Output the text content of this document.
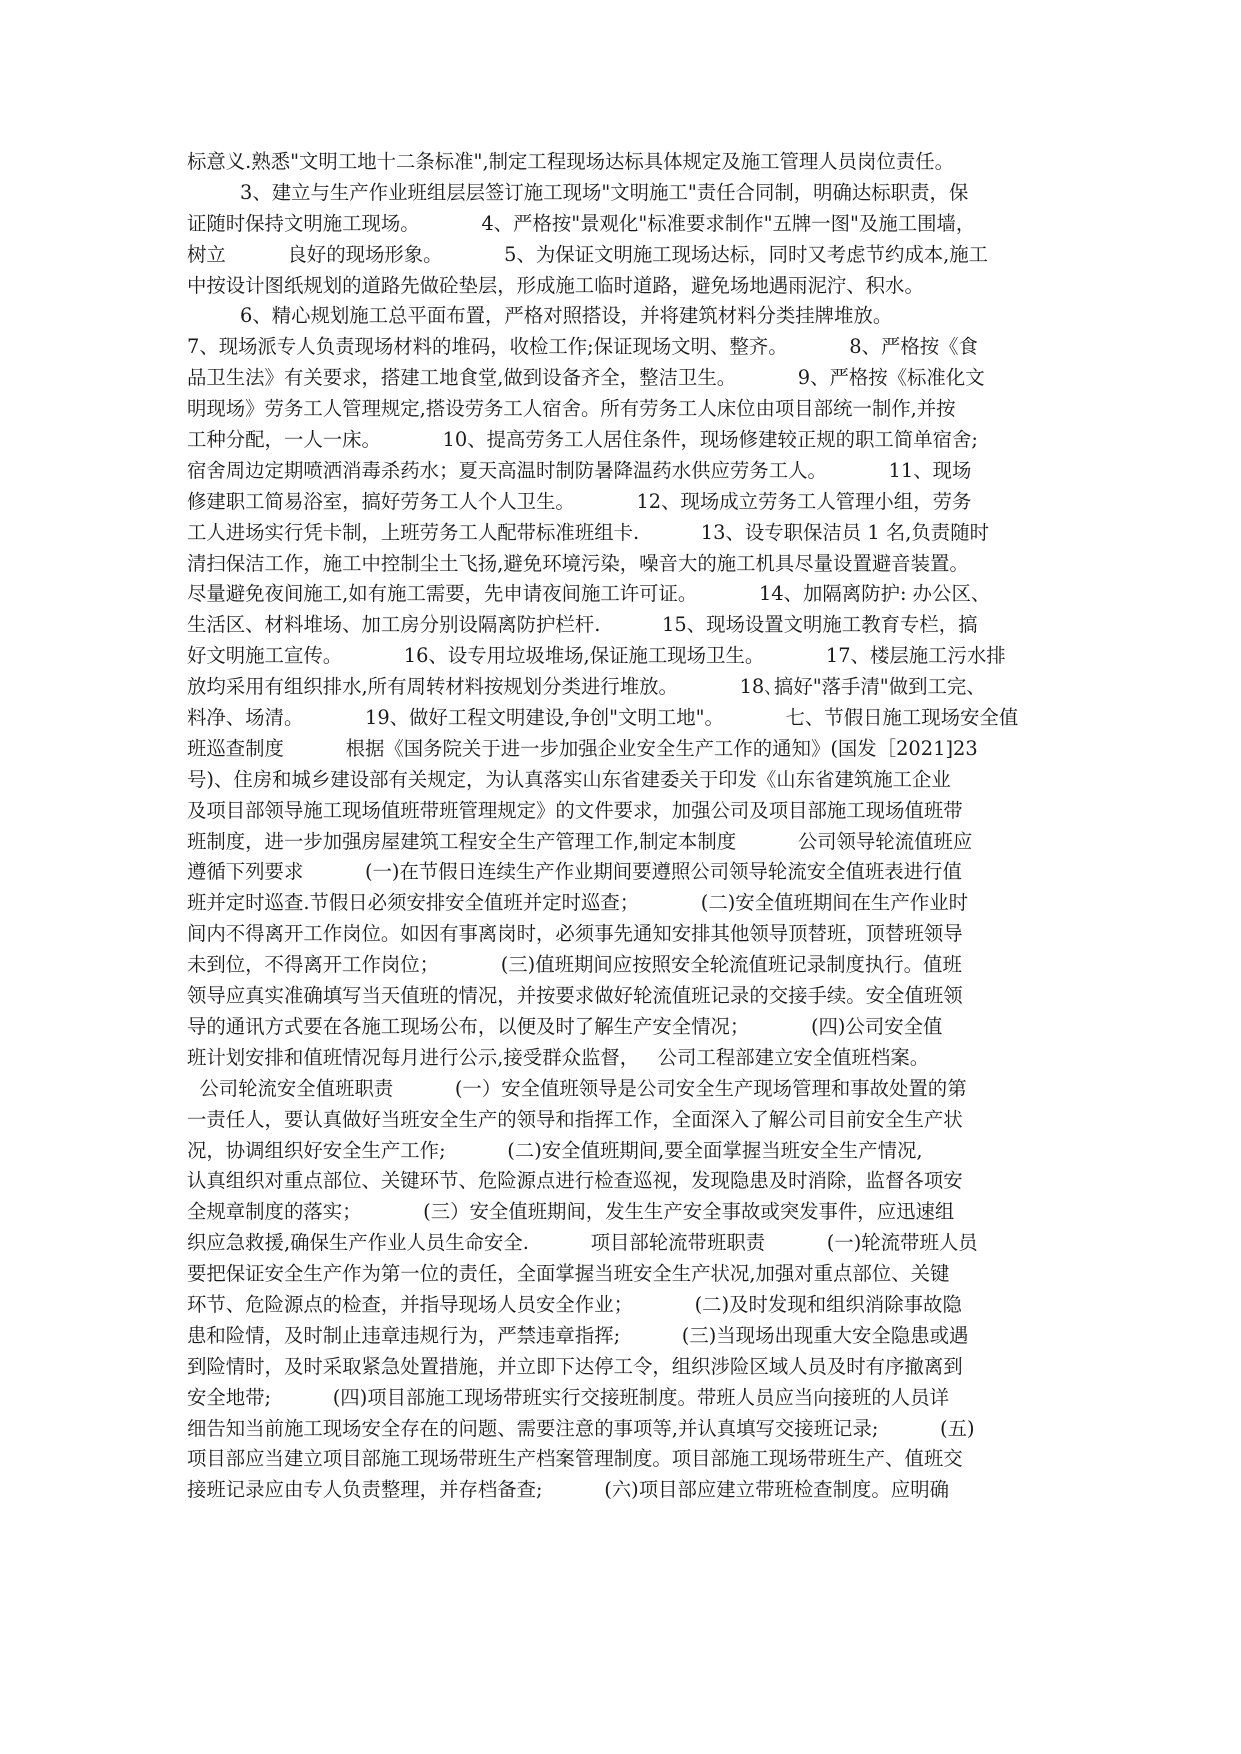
标意义.熟悉"文明工地十二条标准",制定工程现场达标具体规定及施工管理人员岗位责任。
3、建立与生产作业班组层层签订施工现场"文明施工"责任合同制，明确达标职责，保
证随时保持文明施工现场。          4、严格按"景观化"标准要求制作"五牌一图"及施工围墙，
树立          良好的现场形象。          5、为保证文明施工现场达标，同时又考虑节约成本,施工
中按设计图纸规划的道路先做砼垫层，形成施工临时道路，避免场地遇雨泥泞、积水。
6、精心规划施工总平面布置，严格对照搭设，并将建筑材料分类挂牌堆放。
7、现场派专人负责现场材料的堆码，收检工作;保证现场文明、整齐。          8、严格按《食
品卫生法》有关要求，搭建工地食堂,做到设备齐全，整洁卫生。          9、严格按《标准化文
明现场》劳务工人管理规定,搭设劳务工人宿舍。所有劳务工人床位由项目部统一制作,并按
工种分配，一人一床。          10、提高劳务工人居住条件，现场修建较正规的职工简单宿舍;
宿舍周边定期喷洒消毒杀药水；夏天高温时制防暑降温药水供应劳务工人。          11、现场
修建职工简易浴室，搞好劳务工人个人卫生。          12、现场成立劳务工人管理小组，劳务
工人进场实行凭卡制，上班劳务工人配带标准班组卡.          13、设专职保洁员 1 名,负责随时
清扫保洁工作，施工中控制尘土飞扬,避免环境污染，噪音大的施工机具尽量设置避音装置。
尽量避免夜间施工,如有施工需要，先申请夜间施工许可证。          14、加隔离防护: 办公区、
生活区、材料堆场、加工房分别设隔离防护栏杆.          15、现场设置文明施工教育专栏，搞
好文明施工宣传。          16、设专用垃圾堆场,保证施工现场卫生。          17、楼层施工污水排
放均采用有组织排水,所有周转材料按规划分类进行堆放。          18､搞好"落手清"做到工完、
料净、场清。          19、做好工程文明建设,争创"文明工地"。          七、节假日施工现场安全值
班巡查制度          根据《国务院关于进一步加强企业安全生产工作的通知》(国发［2021]23
号)、住房和城乡建设部有关规定，为认真落实山东省建委关于印发《山东省建筑施工企业
及项目部领导施工现场值班带班管理规定》的文件要求，加强公司及项目部施工现场值班带
班制度，进一步加强房屋建筑工程安全生产管理工作,制定本制度          公司领导轮流值班应
遵循下列要求          (一)在节假日连续生产作业期间要遵照公司领导轮流安全值班表进行值
班并定时巡查.节假日必须安排安全值班并定时巡查；          (二)安全值班期间在生产作业时
间内不得离开工作岗位。如因有事离岗时，必须事先通知安排其他领导顶替班，顶替班领导
未到位，不得离开工作岗位；          (三)值班期间应按照安全轮流值班记录制度执行。值班
领导应真实准确填写当天值班的情况，并按要求做好轮流值班记录的交接手续。安全值班领
导的通讯方式要在各施工现场公布，以便及时了解生产安全情况；          (四)公司安全值
班计划安排和值班情况每月进行公示,接受群众监督，   公司工程部建立安全值班档案。
公司轮流安全值班职责          (一）安全值班领导是公司安全生产现场管理和事故处置的第
一责任人，要认真做好当班安全生产的领导和指挥工作，全面深入了解公司目前安全生产状
况，协调组织好安全生产工作;          (二)安全值班期间,要全面掌握当班安全生产情况,
认真组织对重点部位、关键环节、危险源点进行检查巡视，发现隐患及时消除，监督各项安
全规章制度的落实；          (三）安全值班期间，发生生产安全事故或突发事件，应迅速组
织应急救援,确保生产作业人员生命安全.          项目部轮流带班职责          (一)轮流带班人员
要把保证安全生产作为第一位的责任，全面掌握当班安全生产状况,加强对重点部位、关键
环节、危险源点的检查，并指导现场人员安全作业；          (二)及时发现和组织消除事故隐
患和险情，及时制止违章违规行为，严禁违章指挥;          (三)当现场出现重大安全隐患或遇
到险情时，及时采取紧急处置措施，并立即下达停工令，组织涉险区域人员及时有序撤离到
安全地带;          (四)项目部施工现场带班实行交接班制度。带班人员应当向接班的人员详
细告知当前施工现场安全存在的问题、需要注意的事项等,并认真填写交接班记录;          (五)
项目部应当建立项目部施工现场带班生产档案管理制度。项目部施工现场带班生产、值班交
接班记录应由专人负责整理，并存档备查;          (六)项目部应建立带班检查制度。应明确
